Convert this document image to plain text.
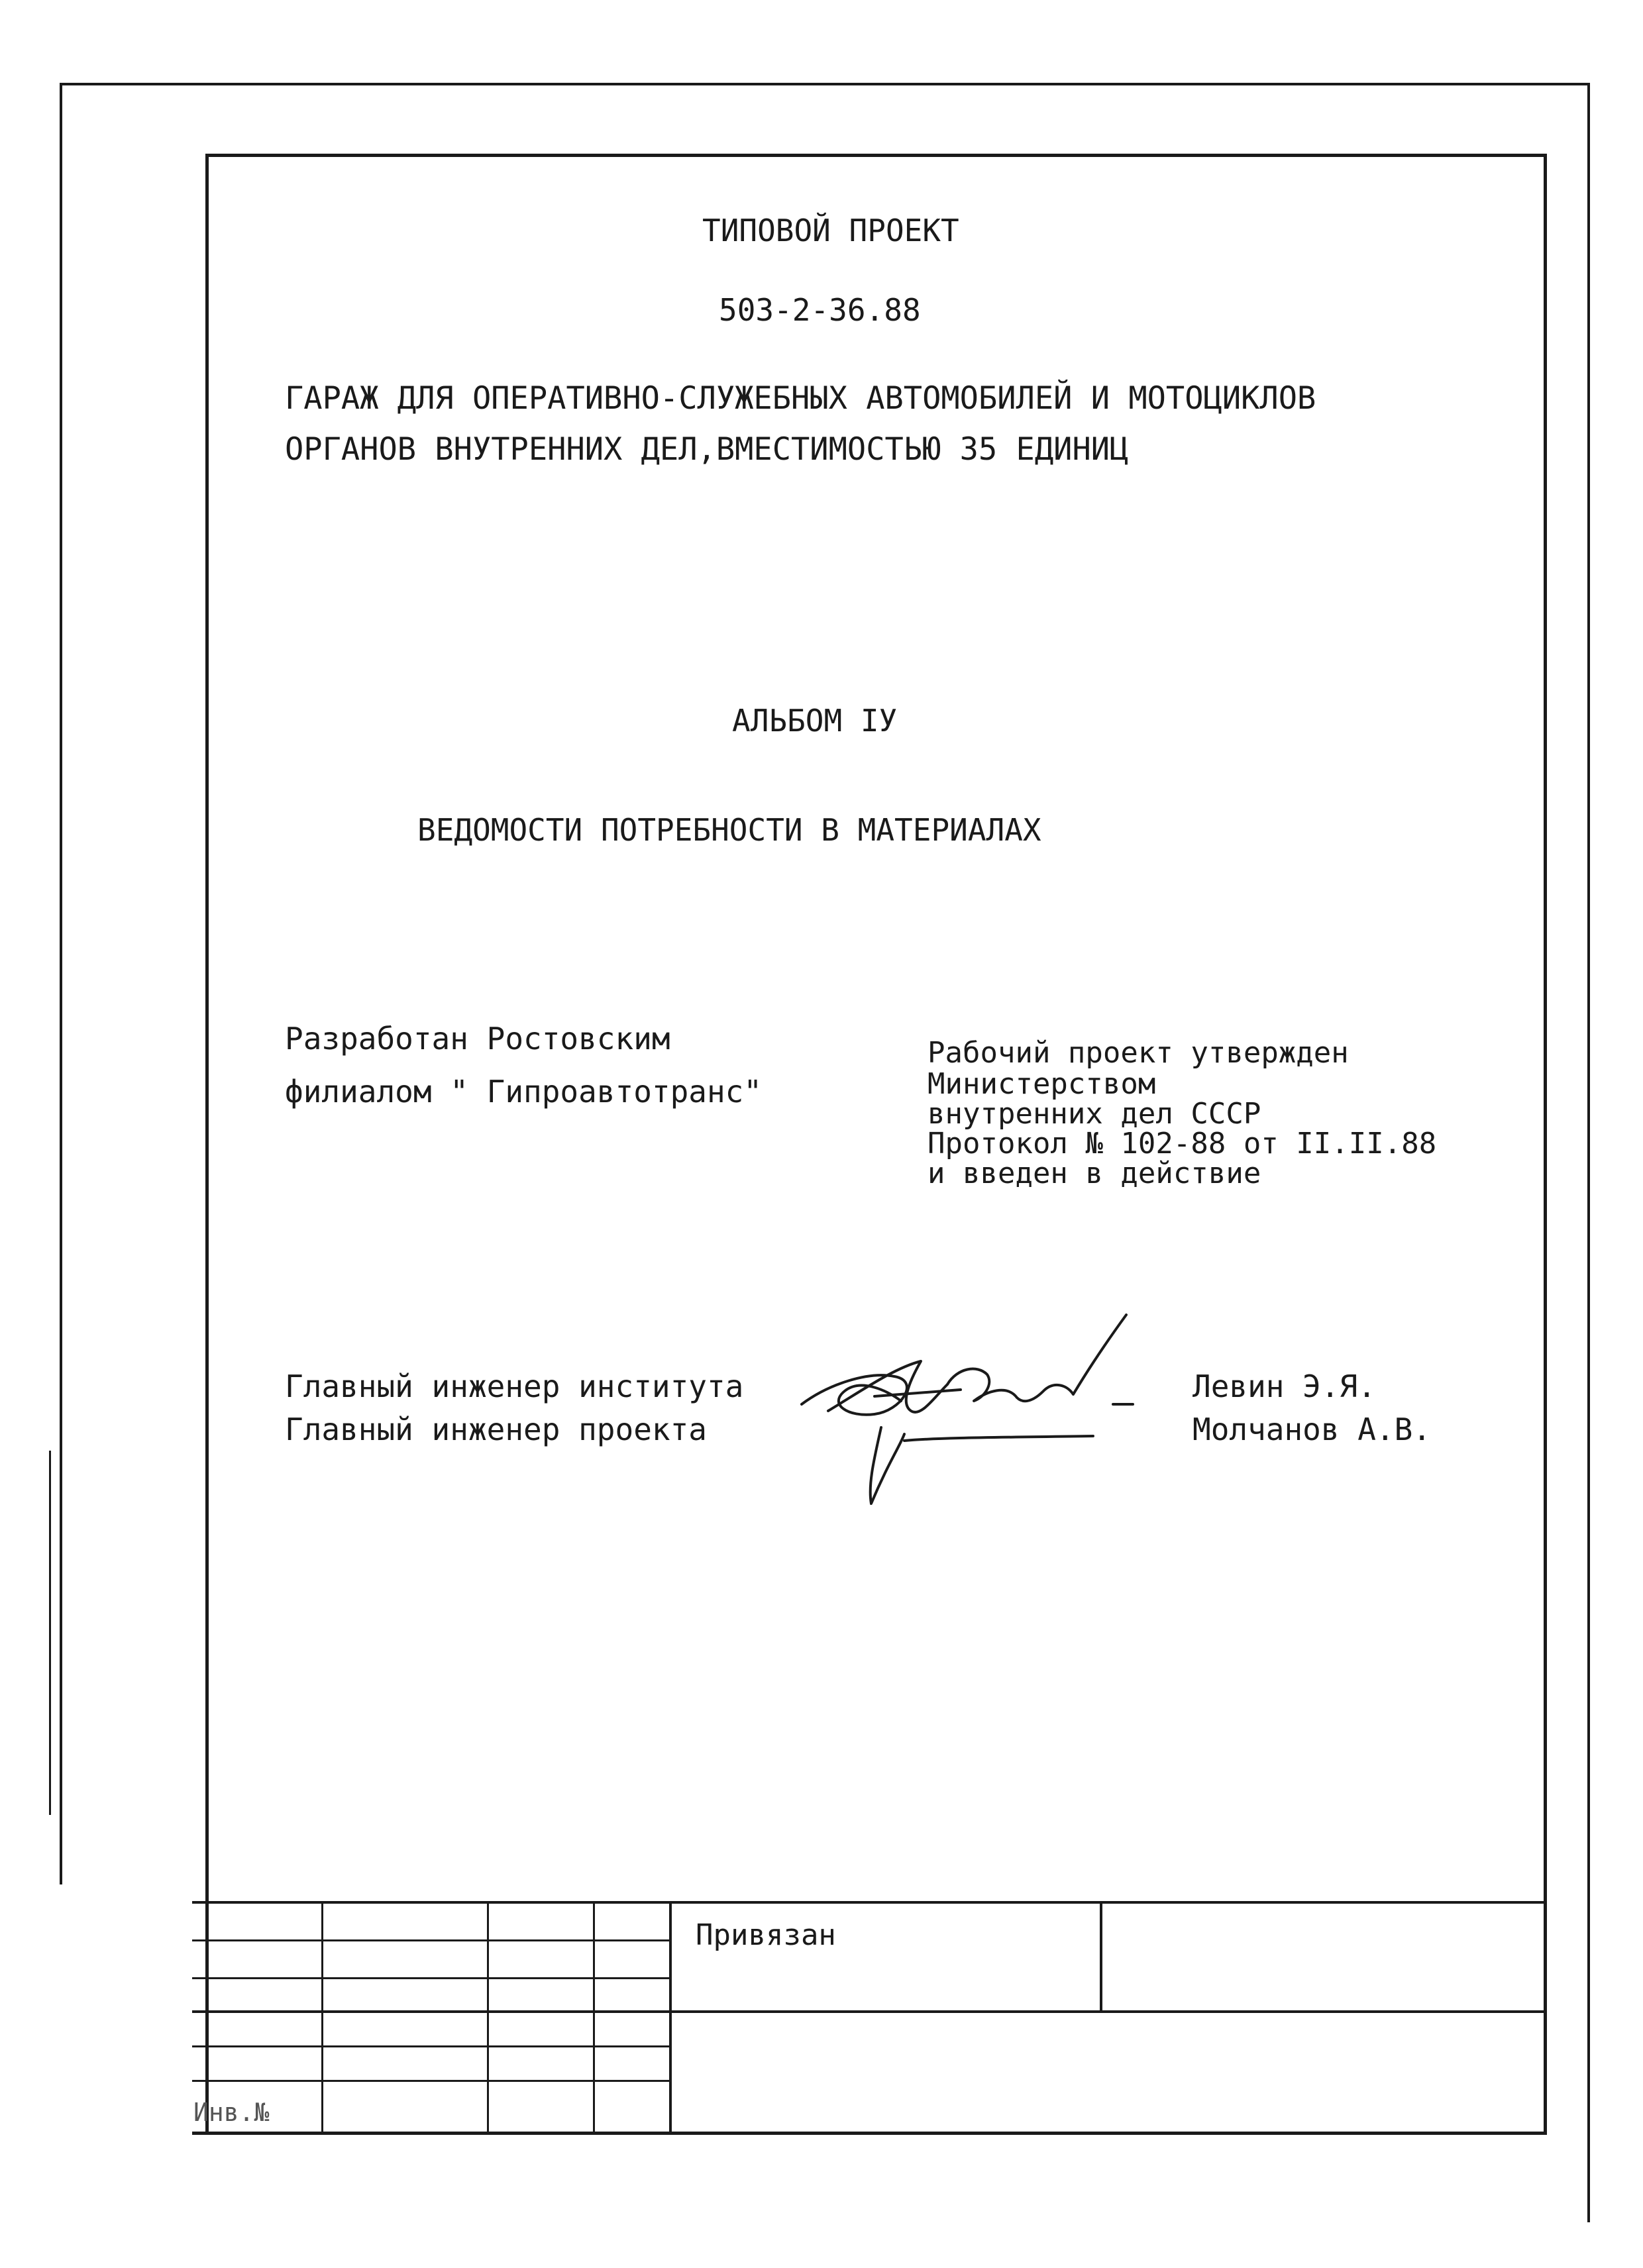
ТИПОВОЙ ПРОЕКТ
503-2-36.88
ГАРАЖ ДЛЯ ОПЕРАТИВНО-СЛУЖЕБНЫХ АВТОМОБИЛЕЙ И МОТОЦИКЛОВ
ОРГАНОВ ВНУТРЕННИХ ДЕЛ,ВМЕСТИМОСТЬЮ 35 ЕДИНИЦ
АЛЬБОМ IУ
ВЕДОМОСТИ ПОТРЕБНОСТИ В МАТЕРИАЛАХ
Разработан Ростовским
филиалом " Гипроавтотранс"
Рабочий проект утвержден
Министерством
внутренних дел СССР
Протокол № 102-88 от II.II.88
и введен в действие
Главный инженер института
Главный инженер проекта
Левин Э.Я.
Молчанов А.В.
Привязан
Инв.№
